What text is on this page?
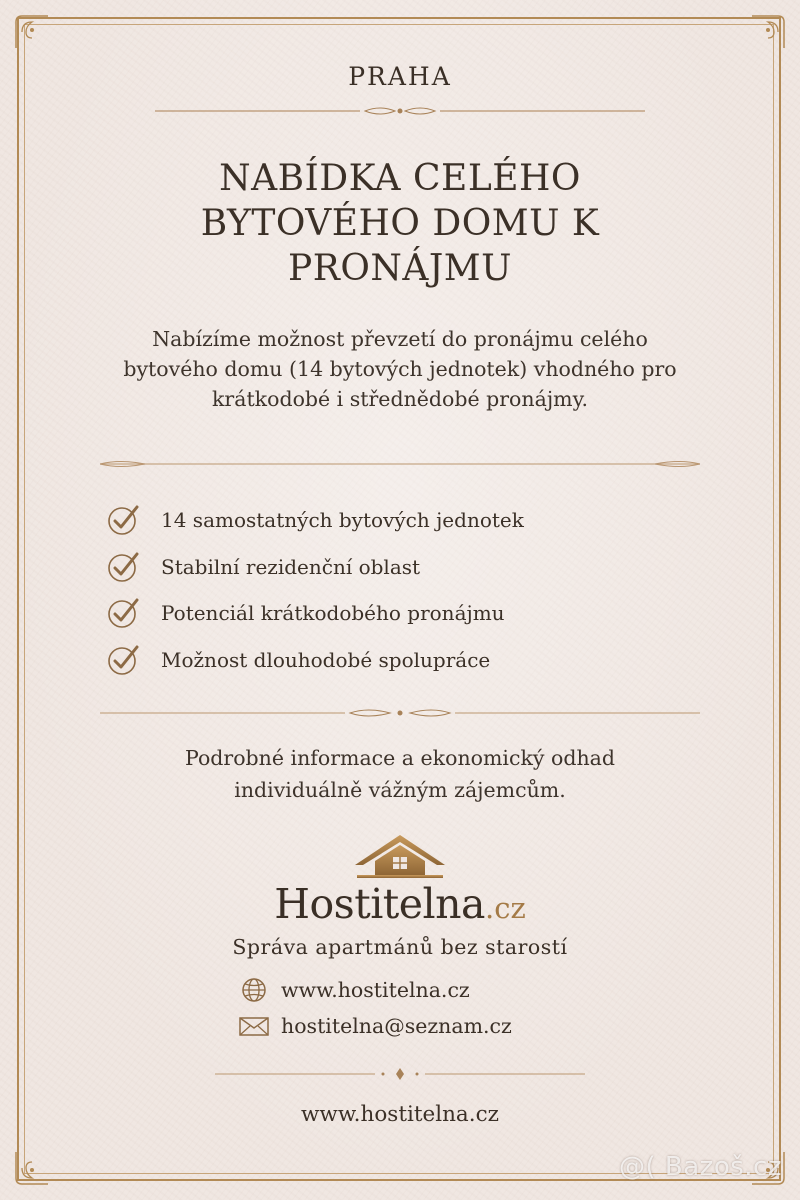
PRAHA
NABÍDKA CELÉHO
BYTOVÉHO DOMU K
PRONÁJMU
Nabízíme možnost převzetí do pronájmu celého
bytového domu (14 bytových jednotek) vhodného pro
krátkodobé i střednědobé pronájmy.
14 samostatných bytových jednotek
Stabilní rezidenční oblast
Potenciál krátkodobého pronájmu
Možnost dlouhodobé spolupráce
Podrobné informace a ekonomický odhad
individuálně vážným zájemcům.
Hostitelna.cz
Správa apartmánů bez starostí
www.hostitelna.cz
hostitelna@seznam.cz
www.hostitelna.cz
@( Bazoš.cz
